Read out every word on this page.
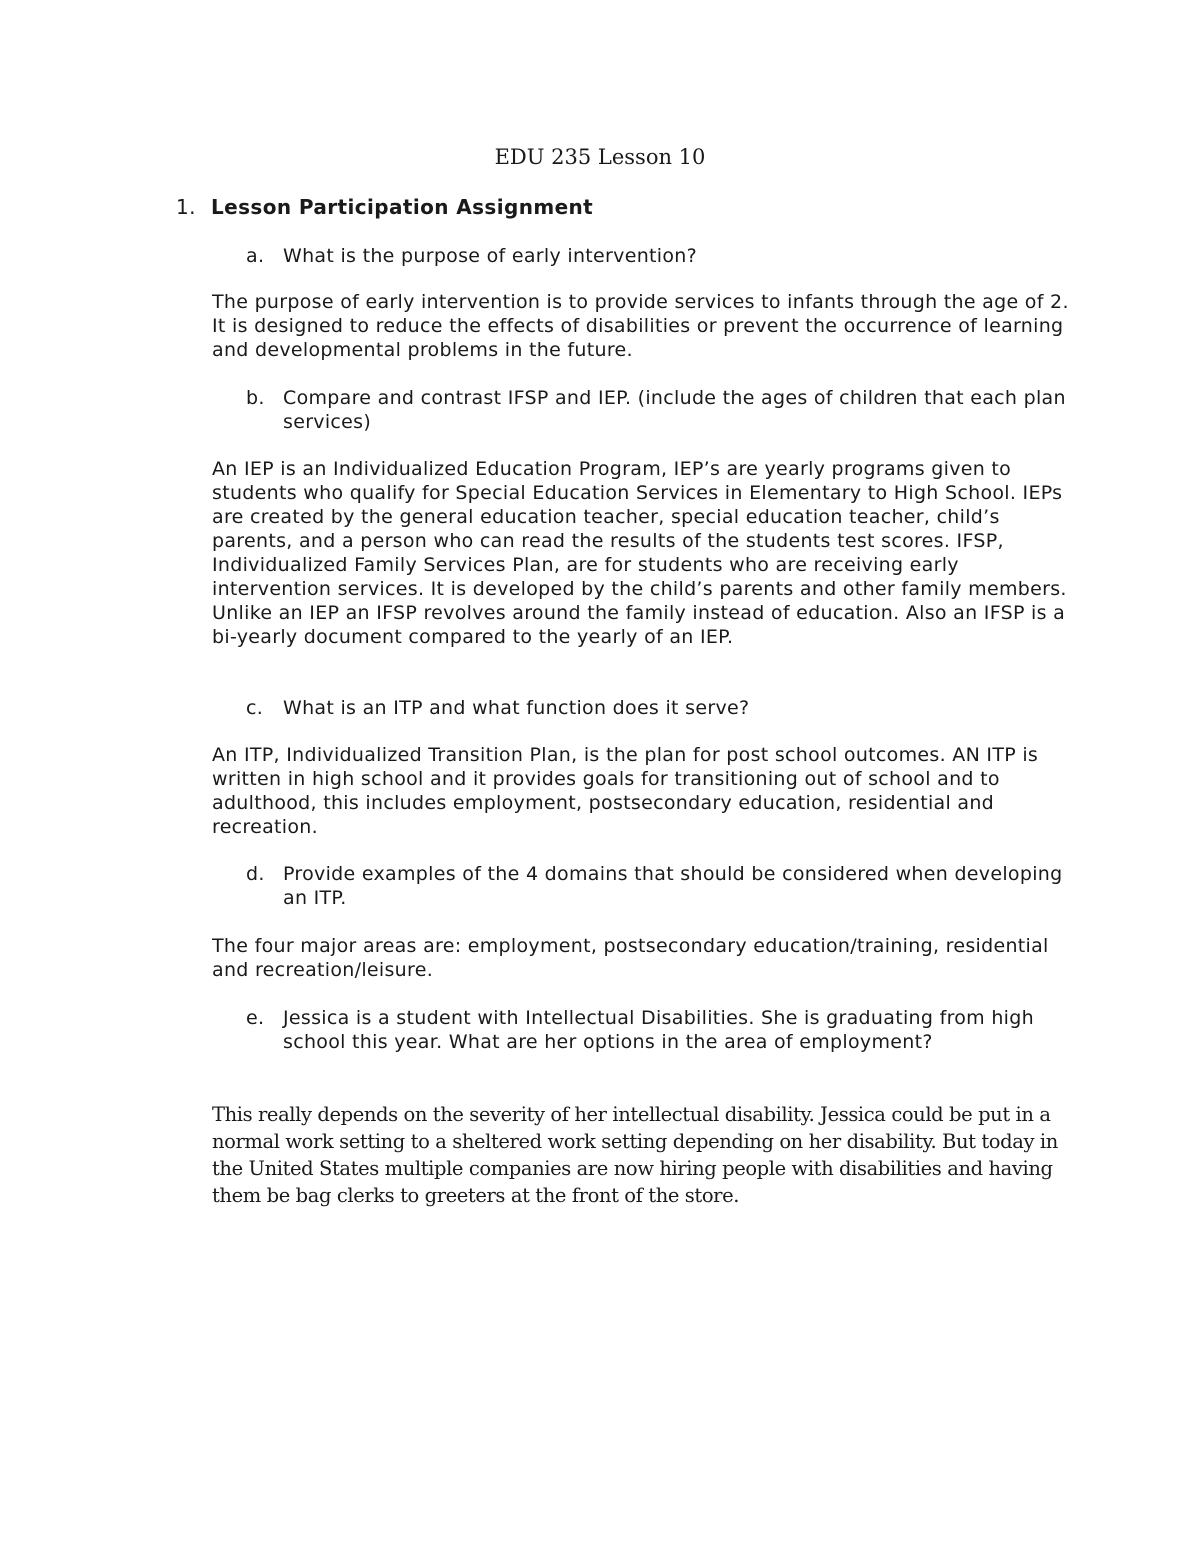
EDU 235 Lesson 10
1. Lesson Participation Assignment
a. What is the purpose of early intervention?
The purpose of early intervention is to provide services to infants through the age of 2. It is designed to reduce the effects of disabilities or prevent the occurrence of learning and developmental problems in the future.
b. Compare and contrast IFSP and IEP. (include the ages of children that each plan services)
An IEP is an Individualized Education Program, IEP’s are yearly programs given to students who qualify for Special Education Services in Elementary to High School. IEPs are created by the general education teacher, special education teacher, child’s parents, and a person who can read the results of the students test scores. IFSP, Individualized Family Services Plan, are for students who are receiving early intervention services. It is developed by the child’s parents and other family members. Unlike an IEP an IFSP revolves around the family instead of education. Also an IFSP is a bi-yearly document compared to the yearly of an IEP.
c.	What is an ITP and what function does it serve?
An ITP, Individualized Transition Plan, is the plan for post school outcomes. AN ITP is written in high school and it provides goals for transitioning out of school and to adulthood, this includes employment, postsecondary education, residential and recreation.
d. Provide examples of the 4 domains that should be considered when developing an ITP.
The four major areas are: employment, postsecondary education/training, residential and recreation/leisure.
e. Jessica is a student with Intellectual Disabilities. She is graduating from high school this year. What are her options in the area of employment?
This really depends on the severity of her intellectual disability. Jessica could be put in a normal work setting to a sheltered work setting depending on her disability. But today in the United States multiple companies are now hiring people with disabilities and having them be bag clerks to greeters at the front of the store.
